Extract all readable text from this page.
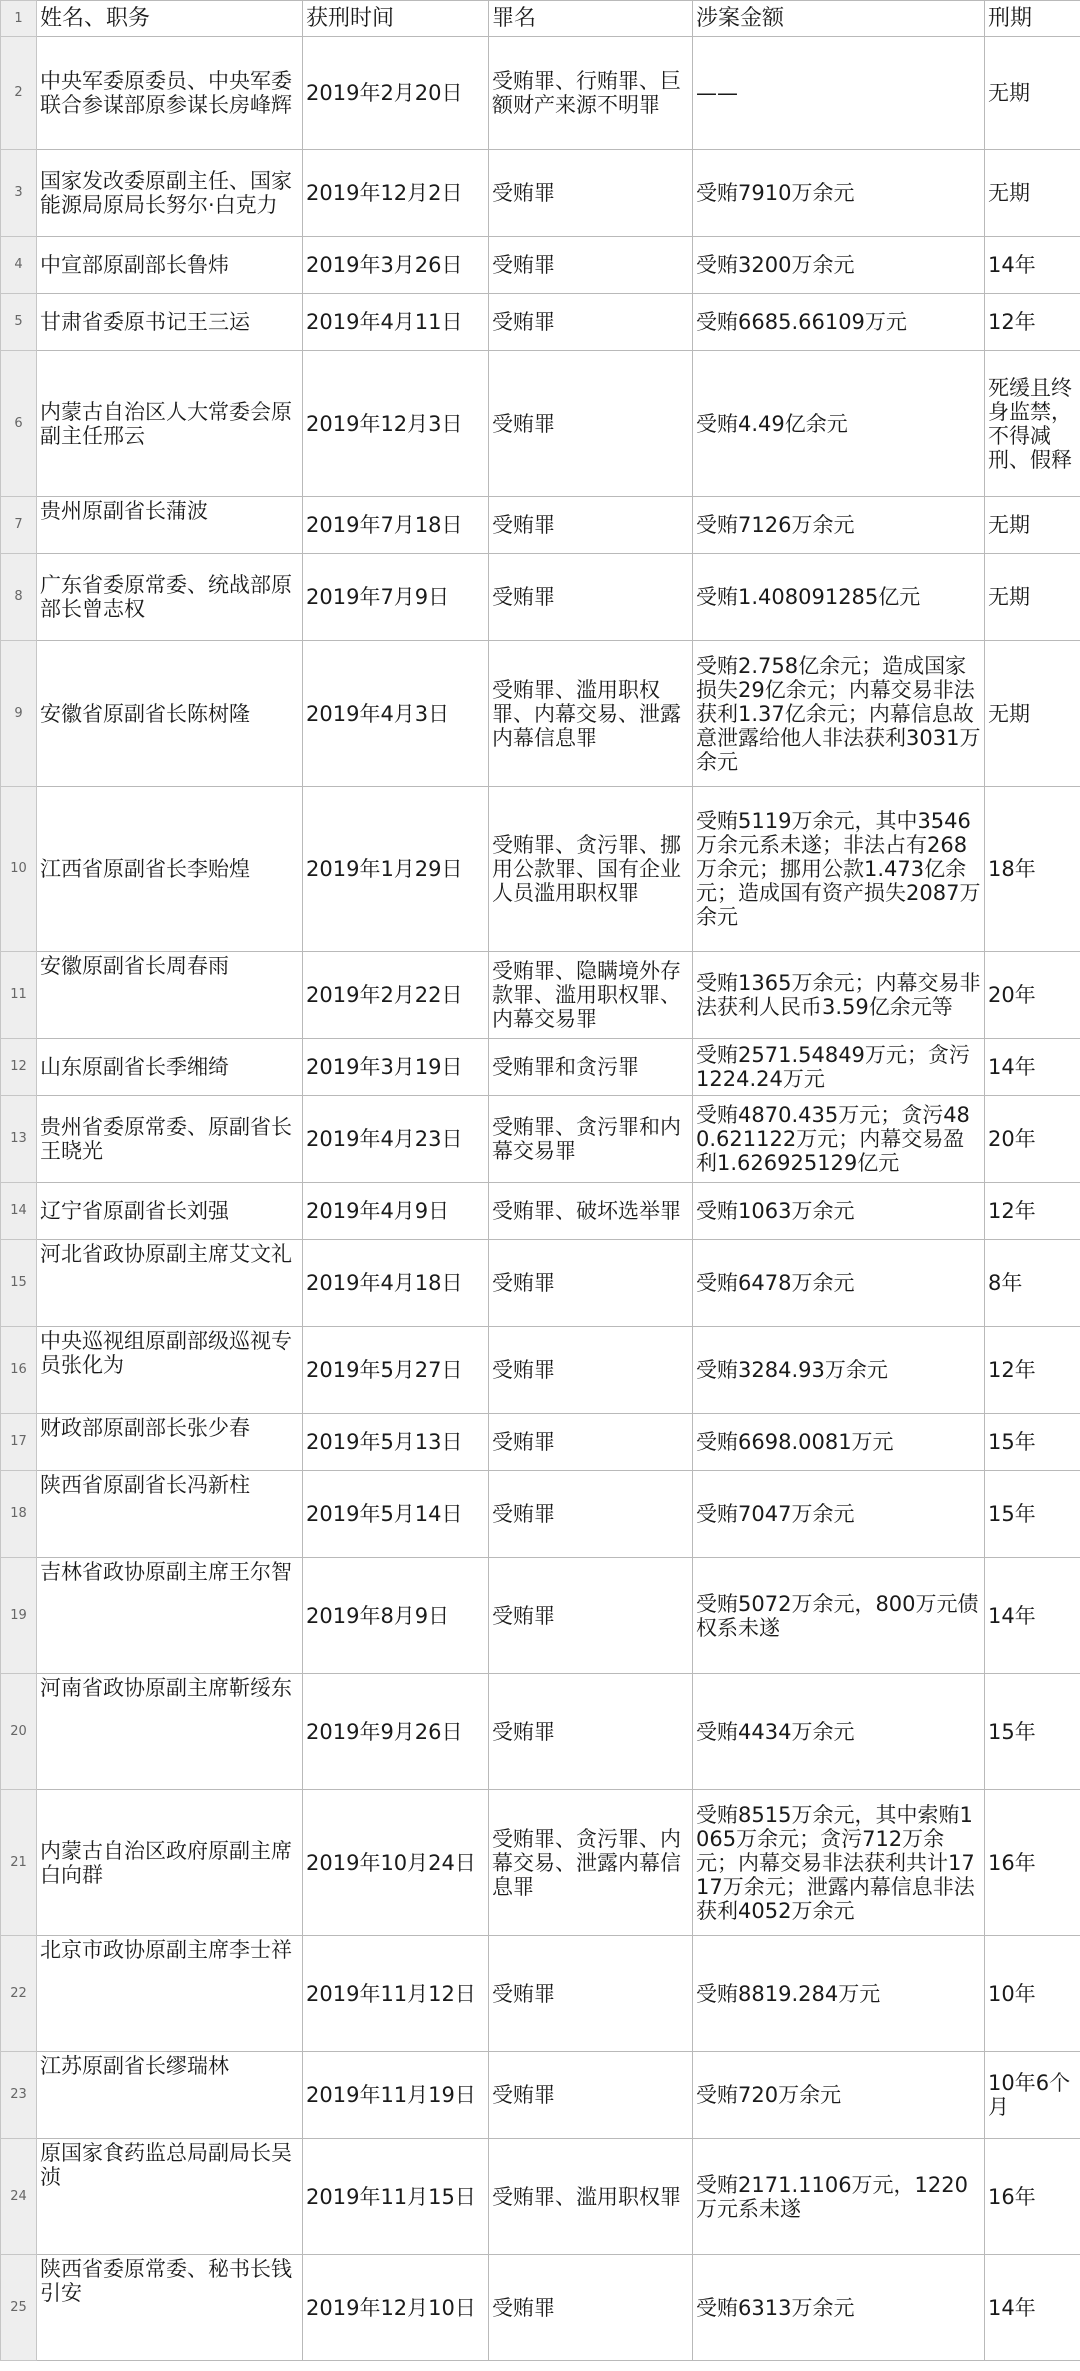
1	姓名、职务	获刑时间	罪名	涉案金额	刑期
2	中央军委原委员、中央军委联合参谋部原参谋长房峰辉	2019年2月20日	受贿罪、行贿罪、巨额财产来源不明罪	——	无期
3	国家发改委原副主任、国家能源局原局长努尔·白克力	2019年12月2日	受贿罪	受贿7910万余元	无期
4	中宣部原副部长鲁炜	2019年3月26日	受贿罪	受贿3200万余元	14年
5	甘肃省委原书记王三运	2019年4月11日	受贿罪	受贿6685.66109万元	12年
6	内蒙古自治区人大常委会原副主任邢云	2019年12月3日	受贿罪	受贿4.49亿余元	死缓且终身监禁，不得减刑、假释
7	贵州原副省长蒲波	2019年7月18日	受贿罪	受贿7126万余元	无期
8	广东省委原常委、统战部原部长曾志权	2019年7月9日	受贿罪	受贿1.408091285亿元	无期
9	安徽省原副省长陈树隆	2019年4月3日	受贿罪、滥用职权罪、内幕交易、泄露内幕信息罪	受贿2.758亿余元；造成国家损失29亿余元；内幕交易非法获利1.37亿余元；内幕信息故意泄露给他人非法获利3031万余元	无期
10	江西省原副省长李贻煌	2019年1月29日	受贿罪、贪污罪、挪用公款罪、国有企业人员滥用职权罪	受贿5119万余元，其中3546万余元系未遂；非法占有268万余元；挪用公款1.473亿余元；造成国有资产损失2087万余元	18年
11	安徽原副省长周春雨	2019年2月22日	受贿罪、隐瞒境外存款罪、滥用职权罪、内幕交易罪	受贿1365万余元；内幕交易非法获利人民币3.59亿余元等	20年
12	山东原副省长季缃绮	2019年3月19日	受贿罪和贪污罪	受贿2571.54849万元；贪污1224.24万元	14年
13	贵州省委原常委、原副省长王晓光	2019年4月23日	受贿罪、贪污罪和内幕交易罪	受贿4870.435万元；贪污480.621122万元；内幕交易盈利1.626925129亿元	20年
14	辽宁省原副省长刘强	2019年4月9日	受贿罪、破坏选举罪	受贿1063万余元	12年
15	河北省政协原副主席艾文礼	2019年4月18日	受贿罪	受贿6478万余元	8年
16	中央巡视组原副部级巡视专员张化为	2019年5月27日	受贿罪	受贿3284.93万余元	12年
17	财政部原副部长张少春	2019年5月13日	受贿罪	受贿6698.0081万元	15年
18	陕西省原副省长冯新柱	2019年5月14日	受贿罪	受贿7047万余元	15年
19	吉林省政协原副主席王尔智	2019年8月9日	受贿罪	受贿5072万余元，800万元债权系未遂	14年
20	河南省政协原副主席靳绥东	2019年9月26日	受贿罪	受贿4434万余元	15年
21	内蒙古自治区政府原副主席白向群	2019年10月24日	受贿罪、贪污罪、内幕交易、泄露内幕信息罪	受贿8515万余元，其中索贿1065万余元；贪污712万余元；内幕交易非法获利共计1717万余元；泄露内幕信息非法获利4052万余元	16年
22	北京市政协原副主席李士祥	2019年11月12日	受贿罪	受贿8819.284万元	10年
23	江苏原副省长缪瑞林	2019年11月19日	受贿罪	受贿720万余元	10年6个月
24	原国家食药监总局副局长吴浈	2019年11月15日	受贿罪、滥用职权罪	受贿2171.1106万元，1220万元系未遂	16年
25	陕西省委原常委、秘书长钱引安	2019年12月10日	受贿罪	受贿6313万余元	14年
